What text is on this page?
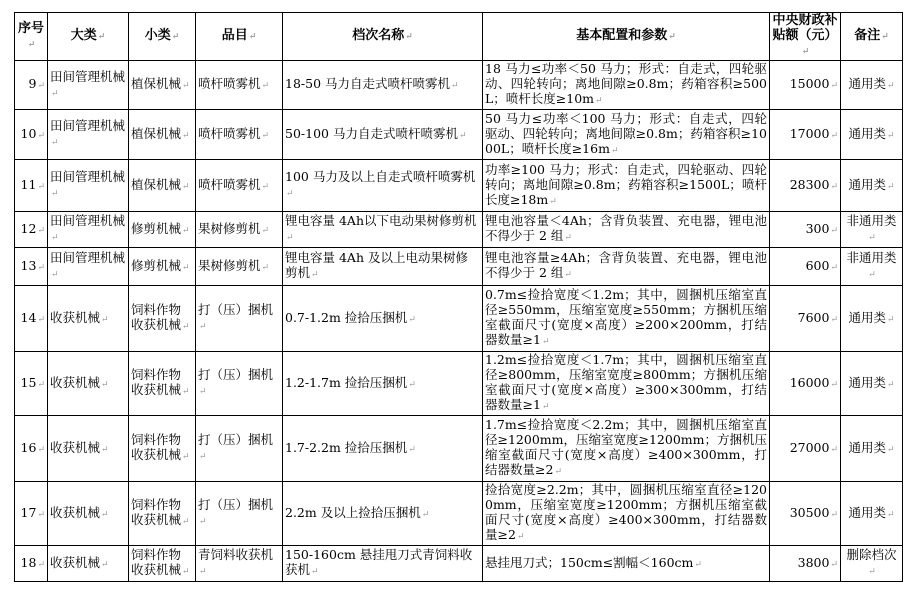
序号 ↵	大类 ↵	小类 ↵	品目 ↵	档次名称 ↵	基本配置和参数 ↵	中央财政补贴额（元） ↵	备注 ↵
9 ↵	田间管理机械 ↵	植保机械 ↵	喷杆喷雾机 ↵	18-50 马力自走式喷杆喷雾机 ↵	18 马力≤功率＜50 马力；形式：自走式，四轮驱动、四轮转向；离地间隙≥0.8m；药箱容积≥500L；喷杆长度≥10m ↵	15000 ↵	通用类 ↵
10 ↵	田间管理机械 ↵	植保机械 ↵	喷杆喷雾机 ↵	50-100 马力自走式喷杆喷雾机 ↵	50 马力≤功率＜100 马力；形式：自走式，四轮驱动、四轮转向；离地间隙≥0.8m；药箱容积≥1000L；喷杆长度≥16m ↵	17000 ↵	通用类 ↵
11 ↵	田间管理机械 ↵	植保机械 ↵	喷杆喷雾机 ↵	100 马力及以上自走式喷杆喷雾机 ↵	功率≥100 马力；形式：自走式，四轮驱动、四轮转向；离地间隙≥0.8m；药箱容积≥1500L；喷杆长度≥18m ↵	28300 ↵	通用类 ↵
12 ↵	田间管理机械 ↵	修剪机械 ↵	果树修剪机 ↵	锂电容量 4Ah以下电动果树修剪机 ↵	锂电池容量＜4Ah；含背负装置、充电器，锂电池不得少于 2 组 ↵	300 ↵	非通用类 ↵
13 ↵	田间管理机械 ↵	修剪机械 ↵	果树修剪机 ↵	锂电容量 4Ah 及以上电动果树修剪机 ↵	锂电池容量≥4Ah；含背负装置、充电器，锂电池不得少于 2 组 ↵	600 ↵	非通用类 ↵
14 ↵	收获机械 ↵	饲料作物收获机械 ↵	打（压）捆机 ↵	0.7-1.2m 捡拾压捆机 ↵	0.7m≤捡拾宽度＜1.2m；其中，圆捆机压缩室直径≥550mm，压缩室宽度≥550mm；方捆机压缩室截面尺寸(宽度×高度）≥200×200mm，打结器数量≥1 ↵	7600 ↵	通用类 ↵
15 ↵	收获机械 ↵	饲料作物收获机械 ↵	打（压）捆机 ↵	1.2-1.7m 捡拾压捆机 ↵	1.2m≤捡拾宽度＜1.7m；其中，圆捆机压缩室直径≥800mm，压缩室宽度≥800mm；方捆机压缩室截面尺寸(宽度×高度）≥300×300mm，打结器数量≥1 ↵	16000 ↵	通用类 ↵
16 ↵	收获机械 ↵	饲料作物收获机械 ↵	打（压）捆机 ↵	1.7-2.2m 捡拾压捆机 ↵	1.7m≤捡拾宽度＜2.2m；其中，圆捆机压缩室直径≥1200mm，压缩室宽度≥1200mm；方捆机压缩室截面尺寸(宽度×高度）≥400×300mm，打结器数量≥2 ↵	27000 ↵	通用类 ↵
17 ↵	收获机械 ↵	饲料作物收获机械 ↵	打（压）捆机 ↵	2.2m 及以上捡拾压捆机 ↵	捡拾宽度≥2.2m；其中，圆捆机压缩室直径≥1200mm，压缩室宽度≥1200mm；方捆机压缩室截面尺寸(宽度×高度）≥400×300mm，打结器数量≥2 ↵	30500 ↵	通用类 ↵
18 ↵	收获机械 ↵	饲料作物收获机械 ↵	青饲料收获机 ↵	150-160cm 悬挂甩刀式青饲料收获机 ↵	悬挂甩刀式；150cm≤割幅＜160cm ↵	3800 ↵	删除档次 ↵
